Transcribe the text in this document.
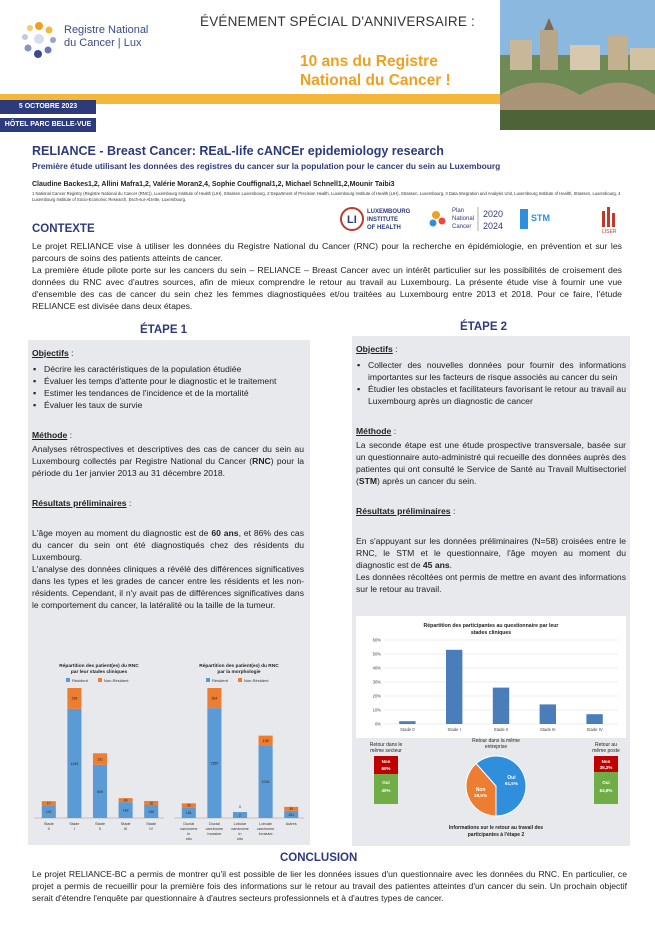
Registre National
du Cancer | Lux
ÉVÉNEMENT SPÉCIAL D'ANNIVERSAIRE :
10 ans du Registre
National du Cancer !
5 OCTOBRE 2023
HÔTEL PARC BELLE-VUE
RELIANCE - Breast Cancer: REaL-life cANCEr epidemiology research
Première étude utilisant les données des registres du cancer sur la population pour le cancer du sein au Luxembourg
Claudine Backes1,2, Allini Mafra1,2, Valérie Moran2,4, Sophie Couffignal1,2, Michael Schnell1,2,Mounir Taibi3
1 National Cancer Registry (Registre National du Cancer (RNC)), Luxembourg Institute of Health (LIH), Strassen Luxembourg, 2 Department of Precision Health, Luxembourg Institute of Health (LIH), Strassen, Luxembourg, 3 Data Integration and Analysis Unit, Luxembourg Institute of Health, Strassen, Luxembourg, 4 Luxembourg Institute of Socio-Economic Research, Esch-sur-Alzette, Luxembourg.
LI
LUXEMBOURG
INSTITUTE
OF HEALTH
Plan
National
Cancer
2020
2024
STM
LISER
CONTEXTE

Le projet RELIANCE vise à utiliser les données du Registre National du Cancer (RNC) pour la recherche en épidémiologie, en prévention et sur les parcours de soins des patients atteints de cancer.

La première étude pilote porte sur les cancers du sein – RELIANCE – Breast Cancer avec un intérêt particulier sur les possibilités de croisement des données du RNC avec d'autres sources, afin de mieux comprendre le retour au travail au Luxembourg. La présente étude vise à fournir une vue d'ensemble des cas de cancer du sein chez les femmes diagnostiquées et/ou traitées au Luxembourg entre 2013 et 2018. Pour ce faire, l'étude RELIANCE est divisée dans deux étapes.

ÉTAPE 1	ÉTAPE 2
Objectifs :
▪ Décrire les caractéristiques de la population étudiée
▪ Évaluer les temps d'attente pour le diagnostic et le traitement
▪ Estimer les tendances de l'incidence et de la mortalité
▪ Évaluer les taux de survie
Méthode :
Analyses rétrospectives et descriptives des cas de cancer du sein au Luxembourg collectés par Registre National du Cancer (RNC) pour la période du 1er janvier 2013 au 31 décembre 2018.
Résultats préliminaires :
L'âge moyen au moment du diagnostic est de 60 ans, et 86% des cas du cancer du sein ont été diagnostiqués chez des résidents du Luxembourg.
L'analyse des données cliniques a révélé des différences significatives dans les types et les grades de cancer entre les résidents et les non-résidents. Cependant, il n'y avait pas de différences significatives dans le comportement du cancer, la latéralité ou la taille de la tumeur.
Répartition des patient(es) du RNC
par leur stades cliniques
Résident	Non-Résident
147
17
Stade
0
1249
238
Stade
I
609
131
Stade
II
182
24
Stade
III
149
16
Stade
IV
Répartition des patient(es) du RNC
par la morphologie
Résident	Non-Résident
151
26
Ductal
carcinome
in
situ
1550
284
Ductal
carcinome
Invasive
2
0
Lobular
carcinome
in
situ
1024
138
Lobular
carcinome
Invasive
101
30
Autres
Objectifs :
▪ Collecter des nouvelles données pour fournir des informations importantes sur les facteurs de risque associés au cancer du sein
▪ Étudier les obstacles et facilitateurs favorisant le retour au travail au Luxembourg après un diagnostic de cancer
Méthode :
La seconde étape est une étude prospective transversale, basée sur un questionnaire auto-administré qui recueille des données auprès des patientes qui ont consulté le Service de Santé au Travail Multisectoriel (STM) après un cancer du sein.
Résultats préliminaires :
En s'appuyant sur les données préliminaires (N=58) croisées entre le RNC, le STM et le questionnaire, l'âge moyen au moment du diagnostic est de 45 ans.
Les données récoltées ont permis de mettre en avant des informations sur le retour au travail.
Répartition des participantes au questionnaire par leur
stades cliniques
0%
10%
20%
30%
40%
50%
60%
Stade 0	Stade I	Stade II	Stade III	Stade IV
Retour dans la même
entreprise
Retour dans le
même secteur
Non
60%
Oui
40%
Retour au
même poste
Non
35,2%
Oui
64,8%
Non
38,5%
Oui
61,5%
Informations sur le retour au travail des
participantes à l'étape 2
CONCLUSION
Le projet RELIANCE-BC a permis de montrer qu'il est possible de lier les données issues d'un questionnaire avec les données du RNC. En particulier, ce projet a permis de recueillir pour la première fois des informations sur le retour au travail des patientes atteintes d'un cancer du sein. Un prochain objectif serait d'étendre l'enquête par questionnaire à d'autres secteurs professionnels et à d'autres types de cancer.
